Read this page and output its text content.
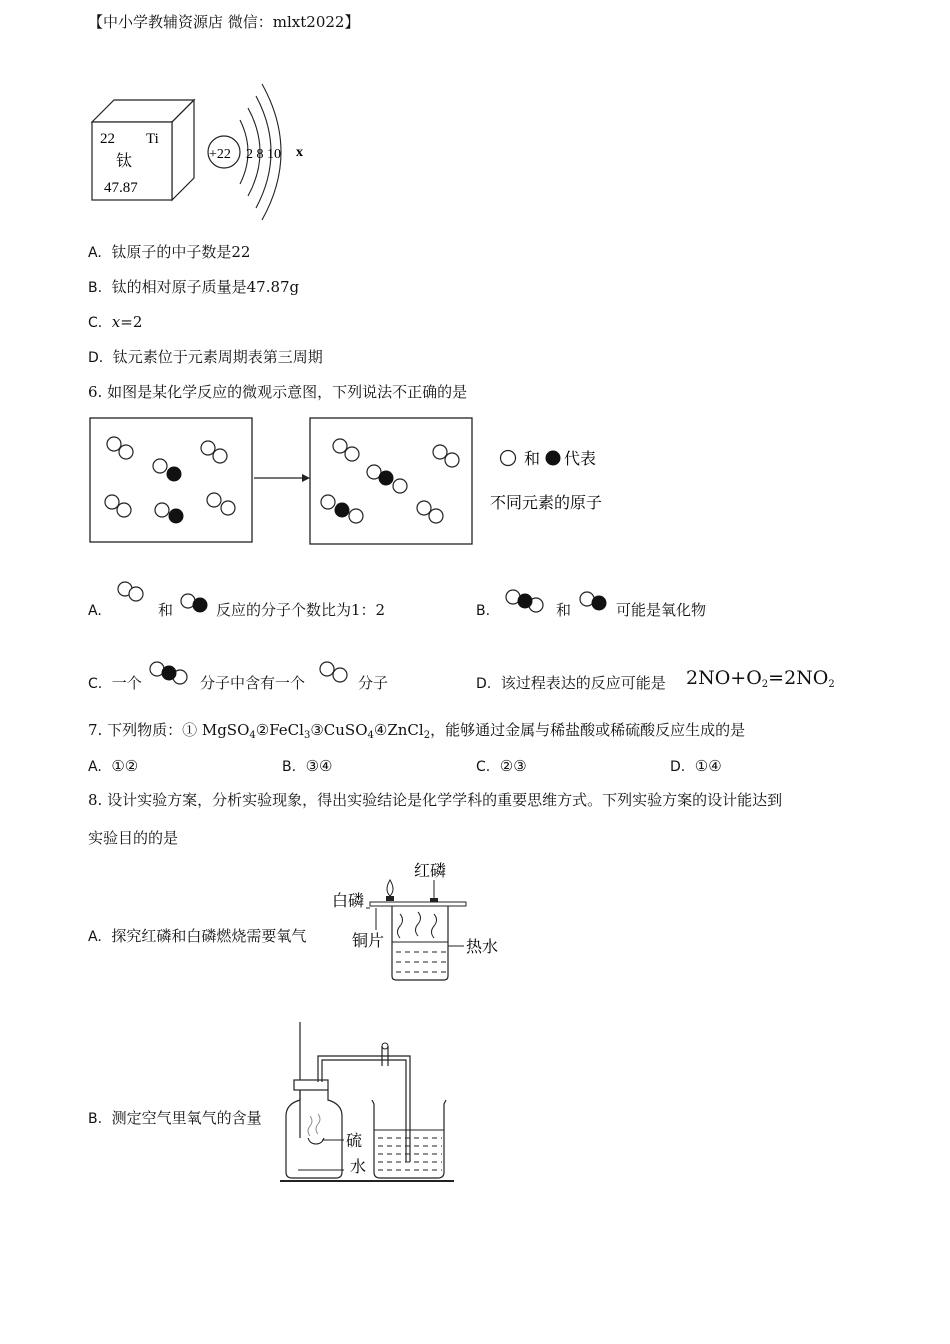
【中小学教辅资源店 微信：mlxt2022】
22 Ti
钛
47.87
+22 2 8 10 x
A. 钛原子的中子数是22
B. 钛的相对原子质量是47.87g
C. x=2
D. 钛元素位于元素周期表第三周期
6. 如图是某化学反应的微观示意图，下列说法不正确的是
和 代表
不同元素的原子
A.	和	反应的分子个数比为1：2	B.	和	可能是氧化物
C. 一个	分子中含有一个	分子	D. 该过程表达的反应可能是 $2NO+O_2=2NO_2$
7. 下列物质：① MgSO$_4$②FeCl$_3$③CuSO$_4$④ZnCl$_2$，能够通过金属与稀盐酸或稀硫酸反应生成的是
A. ①②	B. ③④	C. ②③	D. ①④
8. 设计实验方案，分析实验现象，得出实验结论是化学学科的重要思维方式。下列实验方案的设计能达到
实验目的的是
A. 探究红磷和白磷燃烧需要氧气
红磷
白磷
铜片	热水
B. 测定空气里氧气的含量
硫
水
